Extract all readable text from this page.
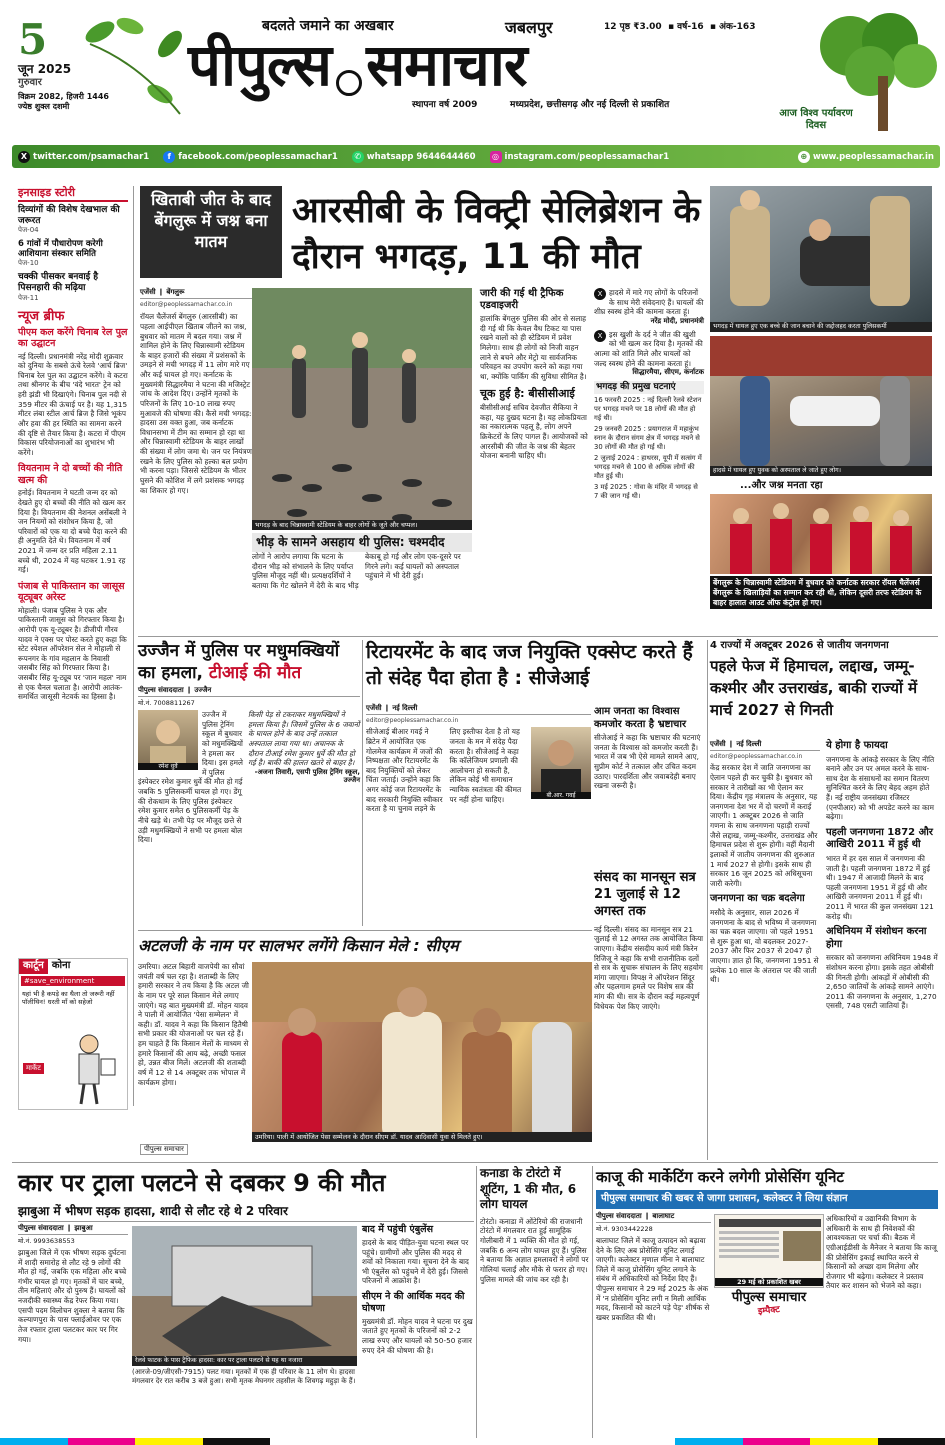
5
जून 2025
गुरुवार
विक्रम 2082, हिजरी 1446
ज्येष्ठ शुक्ल दशमी
बदलते जमाने का अखबार	जबलपुर	12 पृष्ठ ₹3.00  ▪ वर्ष-16  ▪ अंक-163
पीपुल्स समाचार
स्थापना वर्ष 2009	मध्यप्रदेश, छत्तीसगढ़ और नई दिल्ली से प्रकाशित
आज विश्व पर्यावरण दिवस
X twitter.com/psamachar1	f facebook.com/peoplessamachar1	✆ whatsapp 9644644460	◎ instagram.com/peoplessamachar1	⊕ www.peoplessamachar.in
इनसाइड स्टोरी
दिव्यांगों की विशेष देखभाल की जरूरत
पेज-04
6 गांवों में पौधारोपण करेगी आशियाना संस्कार समिति
पेज-10
चक्की पीसकर बनवाई है पिसनहारी की मढ़िया
पेज-11
न्यूज ब्रीफ
पीएम कल करेंगे चिनाब रेल पुल का उद्घाटन
नई दिल्ली। प्रधानमंत्री नरेंद्र मोदी शुक्रवार को दुनिया के सबसे ऊंचे रेलवे 'आर्च ब्रिज' चिनाब रेल पुल का उद्घाटन करेंगे। वे कटरा तथा श्रीनगर के बीच 'वंदे भारत' ट्रेन को हरी झंडी भी दिखाएंगे। चिनाब पुल नदी से 359 मीटर की ऊंचाई पर है। यह 1,315 मीटर लंबा स्टील आर्च ब्रिज है जिसे भूकंप और हवा की हर स्थिति का सामना करने की दृष्टि से तैयार किया है। कटरा में पीएम विकास परियोजनाओं का शुभारंभ भी करेंगे।
वियतनाम ने दो बच्चों की नीति खत्म की
हनोई। वियतनाम ने घटती जन्म दर को देखते हुए दो बच्चों की नीति को खत्म कर दिया है। वियतनाम की नेशनल असेंबली ने जन नियमों को संशोधन किया है, जो परिवारों को एक या दो बच्चे पैदा करने की ही अनुमति देते थे। वियतनाम में वर्ष 2021 में जन्म दर प्रति महिला 2.11 बच्चे थी, 2024 में यह घटकर 1.91 रह गई।
पंजाब से पाकिस्तान का जासूस यूट्यूबर अरेस्ट
मोहाली। पंजाब पुलिस ने एक और पाकिस्तानी जासूस को गिरफ्तार किया है। आरोपी एक यू-ट्यूबर है। डीजीपी गौरव यादव ने एक्स पर पोस्ट करते हुए कहा कि स्टेट स्पेशल ऑपरेशन सेल ने मोहाली से रूपनगर के गांव महलान के निवासी जसबीर सिंह को गिरफ्तार किया है। जसबीर सिंह यू-ट्यूब पर 'जान महल' नाम से एक चैनल चलाता है। आरोपी आतंक-समर्थित जासूसी नेटवर्क का हिस्सा है।
कार्टून कोना
#save_environment
यहां भी है कपड़े का थैला तो जरूरी नहीं पॉलीथिन! धरती माँ को सहेजो
मार्केट
खिताबी जीत के बाद बेंगलुरू में जश्न बना मातम
आरसीबी के विक्ट्री सेलिब्रेशन के दौरान भगदड़, 11 की मौत
एजेंसी ❙ बेंगलुरू
editor@peoplessamachar.co.in
रॉयल चैलेंजर्स बेंगलुरु (आरसीबी) का पहला आईपीएल खिताब जीतने का जश्न, बुधवार को मातम में बदल गया। जश्न में शामिल होने के लिए चिन्नास्वामी स्टेडियम के बाहर हजारों की संख्या में प्रशंसकों के उमड़ने से मची भगदड़ में 11 लोग मारे गए और कई घायल हो गए। कर्नाटक के मुख्यमंत्री सिद्धारमैया ने घटना की मजिस्ट्रेट जांच के आदेश दिए। उन्होंने मृतकों के परिजनों के लिए 10-10 लाख रुपए मुआवजे की घोषणा की। कैसे मची भगदड़: हादसा उस वक्त हुआ, जब कर्नाटक विधानसभा में टीम का सम्मान हो रहा था और चिन्नास्वामी स्टेडियम के बाहर लाखों की संख्या में लोग जमा थे। जन पर नियंत्रण रखने के लिए पुलिस को हल्का बल प्रयोग भी करना पड़ा। जिससे स्टेडियम के भीतर घुसने की कोशिश में लगे प्रशंसक भगदड़ का शिकार हो गए।
भगदड़ के बाद चिन्नास्वामी स्टेडियम के बाहर लोगों के जूते और चप्पल।
भीड़ के सामने असहाय थी पुलिस: चश्मदीद
लोगों ने आरोप लगाया कि घटना के दौरान भीड़ को संभालने के लिए पर्याप्त पुलिस मौजूद नहीं थी। प्रत्यक्षदर्शियों ने बताया कि गेट खोलने में देरी के बाद भीड़ बेकाबू हो गई और लोग एक-दूसरे पर गिरने लगे। कई घायलों को अस्पताल पहुंचाने में भी देरी हुई।
जारी की गई थी ट्रैफिक एडवाइजरी
हालांकि बेंगलुरु पुलिस की ओर से सलाह दी गई थी कि केवल वैध टिकट या पास रखने वालों को ही स्टेडियम में प्रवेश मिलेगा। साथ ही लोगों को निजी वाहन लाने से बचने और मेट्रो या सार्वजनिक परिवहन का उपयोग करने को कहा गया था, क्योंकि पार्किंग की सुविधा सीमित है।
चूक हुई है: बीसीसीआई
बीसीसीआई सचिव देवजीत सैकिया ने कहा, यह दुखद घटना है। यह लोकप्रियता का नकारात्मक पहलू है, लोग अपने क्रिकेटरों के लिए पागल हैं। आयोजकों को आरसीबी की जीत के जश्न की बेहतर योजना बनानी चाहिए थी।
X हादसे में मारे गए लोगों के परिजनों के साथ मेरी संवेदनाएं हैं। घायलों की शीघ्र स्वस्थ होने की कामना करता हूं।
नरेंद्र मोदी, प्रधानमंत्री
X इस खुशी के दर्द ने जीत की खुशी को भी खत्म कर दिया है। मृतकों की आत्मा को शांति मिले और घायलों को जल्द स्वस्थ होने की कामना करता हूं।
सिद्धारमैया, सीएम, कर्नाटक
भगदड़ की प्रमुख घटनाएं
16 फरवरी 2025 : नई दिल्ली रेलवे स्टेशन पर भगदड़ मचने पर 18 लोगों की मौत हो गई थी।
29 जनवरी 2025 : प्रयागराज में महाकुंभ स्नान के दौरान संगम क्षेत्र में भगदड़ मचने से 30 लोगों की मौत हो गई थी।
2 जुलाई 2024 : हाथरस, यूपी में सत्संग में भगदड़ मचने से 100 से अधिक लोगों की मौत हुई थी।
3 मई 2025 : गोवा के मंदिर में भगदड़ से 7 की जान गई थी।
भगदड़ में घायल हुए एक बच्चे की जान बचाने की जद्दोजहद करता पुलिसकर्मी
हादसे में घायल हुए युवक को अस्पताल ले जाते हुए लोग।
...और जश्न मनता रहा
बेंगलुरू के चिन्नास्वामी स्टेडियम में बुधवार को कर्नाटक सरकार रॉयल चैलेंजर्स बेंगलुरू के खिलाड़ियों का सम्मान कर रही थी, लेकिन दूसरी तरफ स्टेडियम के बाहर हालात आउट ऑफ कंट्रोल हो गए।
उज्जैन में पुलिस पर मधुमक्खियों
का हमला, टीआई की मौत
पीपुल्स संवाददाता ❙ उज्जैन
मो.नं. 7008811267
रमेश धुर्वे
उज्जैन में पुलिस ट्रेनिंग स्कूल में बुधवार को मधुमक्खियों ने हमला कर दिया। इस हमले में पुलिस इंस्पेक्टर रमेश कुमार धुर्वे की मौत हो गई जबकि 5 पुलिसकर्मी घायल हो गए। डेंगू की रोकथाम के लिए पुलिस इंस्पेक्टर रमेश कुमार समेत 6 पुलिसकर्मी पेड़ के नीचे खड़े थे। तभी पेड़ पर मौजूद छत्ते से उड़ी मधुमक्खियों ने सभी पर हमला बोल दिया।
किसी पेड़ से टकराकर मधुमक्खियों ने हमला किया है। जिसमें पुलिस के 6 जवानों के घायल होने के बाद उन्हें तत्काल अस्पताल लाया गया था। अचानक के दौरान टीआई रमेश कुमार धुर्वे की मौत हो गई है। बाकी की हालत खतरे से बाहर है।
-अजना तिवारी, एसपी पुलिस ट्रेनिंग स्कूल, उज्जैन
रिटायरमेंट के बाद जज नियुक्ति एक्सेप्ट करते हैं तो संदेह पैदा होता है : सीजेआई
एजेंसी ❙ नई दिल्ली
editor@peoplessamachar.co.in
बी.आर. गवई
सीजेआई बीआर गवई ने ब्रिटेन में आयोजित एक गोलमेज कार्यक्रम में जजों की निष्पक्षता और रिटायरमेंट के बाद नियुक्तियों को लेकर चिंता जताई। उन्होंने कहा कि अगर कोई जज रिटायरमेंट के बाद सरकारी नियुक्ति स्वीकार करता है या चुनाव लड़ने के लिए इस्तीफा देता है तो यह जनता के मन में संदेह पैदा करता है। सीजेआई ने कहा कि कॉलेजियम प्रणाली की आलोचना हो सकती है, लेकिन कोई भी समाधान न्यायिक स्वतंत्रता की कीमत पर नहीं होना चाहिए।
आम जनता का विश्वास कमजोर करता है भ्रष्टाचार
सीजेआई ने कहा कि भ्रष्टाचार की घटनाएं जनता के विश्वास को कमजोर करती हैं। भारत में जब भी ऐसे मामले सामने आए, सुप्रीम कोर्ट ने तत्काल और उचित कदम उठाए। पारदर्शिता और जवाबदेही बनाए रखना जरूरी है।
संसद का मानसून सत्र 21 जुलाई से 12 अगस्त तक
नई दिल्ली। संसद का मानसून सत्र 21 जुलाई से 12 अगस्त तक आयोजित किया जाएगा। केंद्रीय संसदीय कार्य मंत्री किरेन रिजिजू ने कहा कि सभी राजनीतिक दलों से सत्र के सुचारू संचालन के लिए सहयोग मांगा जाएगा। विपक्ष ने ऑपरेशन सिंदूर और पहलगाम हमले पर विशेष सत्र की मांग की थी। सत्र के दौरान कई महत्वपूर्ण विधेयक पेश किए जाएंगे।
4 राज्यों में अक्टूबर 2026 से जातीय जनगणना
पहले फेज में हिमाचल, लद्दाख, जम्मू-कश्मीर और उत्तराखंड, बाकी राज्यों में मार्च 2027 से गिनती
एजेंसी ❙ नई दिल्ली
editor@peoplessamachar.co.in
केंद्र सरकार देश में जाति जनगणना का ऐलान पहले ही कर चुकी है। बुधवार को सरकार ने तारीखों का भी ऐलान कर दिया। केंद्रीय गृह मंत्रालय के अनुसार, यह जनगणना देश भर में दो चरणों में कराई जाएगी। 1 अक्टूबर 2026 से जाति गणना के साथ जनगणना पहाड़ी राज्यों जैसे लद्दाख, जम्मू-कश्मीर, उत्तराखंड और हिमाचल प्रदेश से शुरू होगी। वहीं मैदानी इलाकों में जातीय जनगणना की शुरुआत 1 मार्च 2027 से होगी। इसके साथ ही सरकार 16 जून 2025 को अधिसूचना जारी करेगी।
जनगणना का चक्र बदलेगा
मसौदे के अनुसार, साल 2026 में जनगणना के बाद से भविष्य में जनगणना का चक्र बदल जाएगा। जो पहले 1951 से शुरू हुआ था, वो बदलकर 2027-2037 और फिर 2037 से 2047 हो जाएगा। ज्ञात हो कि, जनगणना 1951 से प्रत्येक 10 साल के अंतराल पर की जाती थी।
ये होगा है फायदा
जनगणना के आंकड़े सरकार के लिए नीति बनाने और उन पर अमल करने के साथ-साथ देश के संसाधनों का समान वितरण सुनिश्चित करने के लिए बेहद अहम होते हैं। नई राष्ट्रीय जनसंख्या रजिस्टर (एनपीआर) को भी अपडेट करने का काम बढ़ेगा।
पहली जनगणना 1872 और आखिरी 2011 में हुई थी
भारत में हर दस साल में जनगणना की जाती है। पहली जनगणना 1872 में हुई थी। 1947 में आजादी मिलने के बाद पहली जनगणना 1951 में हुई थी और आखिरी जनगणना 2011 में हुई थी। 2011 में भारत की कुल जनसंख्या 121 करोड़ थी।
अधिनियम में संशोधन करना होगा
सरकार को जनगणना अधिनियम 1948 में संशोधन करना होगा। इसके तहत ओबीसी की गिनती होगी। आंकड़ों में ओबीसी की 2,650 जातियों के आंकड़े सामने आएंगे। 2011 की जनगणना के अनुसार, 1,270 एससी, 748 एसटी जातियां हैं।
अटलजी के नाम पर सालभर लगेंगे किसान मेले : सीएम
उमरिया। अटल बिहारी वाजपेयी का सौवां जयंती वर्ष चल रहा है। शताब्दी के लिए हमारी सरकार ने तय किया है कि अटल जी के नाम पर पूरे साल किसान मेले लगाए जाएंगे। यह बात मुख्यमंत्री डॉ. मोहन यादव ने पाली में आयोजित 'पेसा सम्मेलन' में कही। डॉ. यादव ने कहा कि किसान हितैषी सभी प्रकार की योजनाओं पर चल रहे हैं। हम चाहते हैं कि किसान मेलों के माध्यम से हमारे किसानों की आय बढ़े, अच्छी फसल हो, उन्नत बीज मिलें। अटलजी की शताब्दी वर्ष में 12 से 14 अक्टूबर तक भोपाल में कार्यक्रम होगा।
उमरिया। पाली में आयोजित पेसा सम्मेलन के दौरान सीएम डॉ. यादव आदिवासी युवा से मिलते हुए।
पीपुल्स समाचार
कार पर ट्राला पलटने से दबकर 9 की मौत
झाबुआ में भीषण सड़क हादसा, शादी से लौट रहे थे 2 परिवार
पीपुल्स संवाददाता ❙ झाबुआ
मो.नं. 9993638553
झाबुआ जिले में एक भीषण सड़क दुर्घटना में शादी समारोह से लौट रहे 9 लोगों की मौत हो गई, जबकि एक महिला और बच्चे गंभीर घायल हो गए। मृतकों में चार बच्चे, तीन महिलाएं और दो पुरुष हैं। घायलों को नजदीकी स्वास्थ्य केंद्र रेफर किया गया। एसपी पदम विलोचन शुक्ला ने बताया कि कल्याणपुरा के पास फ्लाईओवर पर एक तेज रफ्तार ट्राला पलटकर कार पर गिर गया।
रेलवे फाटक के पास ट्रैफिक हादसा: कार पर ट्राला पलटने से यह था नजारा
(आरजे-09/जीएसी-7915) पलट गया। मृतकों में एक ही परिवार के 11 लोग थे। हादसा मंगलवार देर रात करीब 3 बजे हुआ। सभी मृतक मेघनगर तहसील के शिवगढ़ महुड़ा के हैं।
बाद में पहुंची एंबुलेंस
हादसे के बाद पीड़ित-युवा घटना स्थल पर पहुंचे। ग्रामीणों और पुलिस की मदद से शवों को निकाला गया। सूचना देने के बाद भी एंबुलेंस को पहुंचने में देरी हुई। जिससे परिजनों में आक्रोश है।
सीएम ने की आर्थिक मदद की घोषणा
मुख्यमंत्री डॉ. मोहन यादव ने घटना पर दुख जताते हुए मृतकों के परिजनों को 2-2 लाख रुपए और घायलों को 50-50 हजार रुपए देने की घोषणा की है।
कनाडा के टोरंटो में शूटिंग, 1 की मौत, 6 लोग घायल
टोरंटो। कनाडा में ओंटेरियो की राजधानी टोरंटो में मंगलवार रात हुई सामूहिक गोलीबारी में 1 व्यक्ति की मौत हो गई, जबकि 6 अन्य लोग घायल हुए हैं। पुलिस ने बताया कि अज्ञात हमलावरों ने लोगों पर गोलियां चलाईं और मौके से फरार हो गए। पुलिस मामले की जांच कर रही है।
काजू की मार्केटिंग करने लगेगी प्रोसेसिंग यूनिट
पीपुल्स समाचार की खबर से जागा प्रशासन, कलेक्टर ने लिया संज्ञान
पीपुल्स संवाददाता ❙ बालाघाट
मो.नं. 9303442228
बालाघाट जिले में काजू उत्पादन को बढ़ावा देने के लिए अब प्रोसेसिंग यूनिट लगाई जाएगी। कलेक्टर मृणाल मीना ने बालाघाट जिले में काजू प्रोसेसिंग यूनिट लगाने के संबंध में अधिकारियों को निर्देश दिए हैं। पीपुल्स समाचार ने 29 मई 2025 के अंक में 'न प्रोसेसिंग यूनिट लगी न मिली आर्थिक मदद, किसानों को काटने पड़े पेड़' शीर्षक से खबर प्रकाशित की थी।
29 मई को प्रकाशित खबर
पीपुल्स समाचार
इम्पैक्ट
अधिकारियों व उद्यानिकी विभाग के अधिकारी के साथ ही निवेशकों की आवश्यकता पर चर्चा की। बैठक में एग्रीआईडीसी के मैनेजर ने बताया कि काजू की प्रोसेसिंग इकाई स्थापित करने से किसानों को अच्छा दाम मिलेगा और रोजगार भी बढ़ेगा। कलेक्टर ने प्रस्ताव तैयार कर शासन को भेजने को कहा।
